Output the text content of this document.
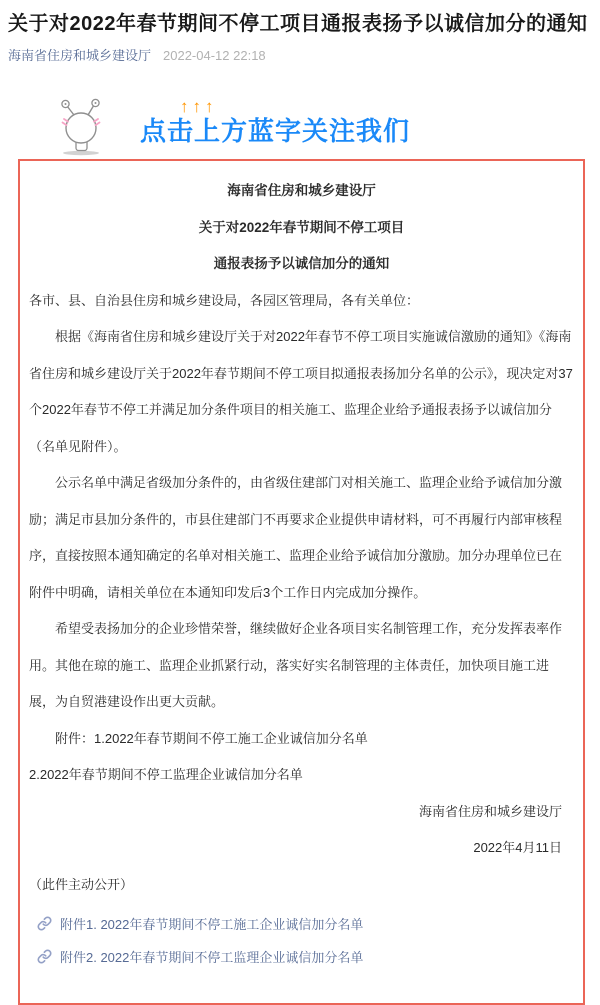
关于对2022年春节期间不停工项目通报表扬予以诚信加分的通知
海南省住房和城乡建设厅 2022-04-12 22:18
↑↑↑
点击上方蓝字关注我们

海南省住房和城乡建设厅

关于对2022年春节期间不停工项目

通报表扬予以诚信加分的通知

各市、县、自治县住房和城乡建设局，各园区管理局，各有关单位：

根据《海南省住房和城乡建设厅关于对2022年春节不停工项目实施诚信激励的通知》《海南省住房和城乡建设厅关于2022年春节期间不停工项目拟通报表扬加分名单的公示》，现决定对37个2022年春节不停工并满足加分条件项目的相关施工、监理企业给予通报表扬予以诚信加分（名单见附件）。

公示名单中满足省级加分条件的，由省级住建部门对相关施工、监理企业给予诚信加分激励；满足市县加分条件的，市县住建部门不再要求企业提供申请材料，可不再履行内部审核程序，直接按照本通知确定的名单对相关施工、监理企业给予诚信加分激励。加分办理单位已在附件中明确，请相关单位在本通知印发后3个工作日内完成加分操作。

希望受表扬加分的企业珍惜荣誉，继续做好企业各项目实名制管理工作，充分发挥表率作用。其他在琼的施工、监理企业抓紧行动，落实好实名制管理的主体责任，加快项目施工进展，为自贸港建设作出更大贡献。

附件：1.2022年春节期间不停工施工企业诚信加分名单

2.2022年春节期间不停工监理企业诚信加分名单

海南省住房和城乡建设厅

2022年4月11日

（此件主动公开）

附件1. 2022年春节期间不停工施工企业诚信加分名单
附件2. 2022年春节期间不停工监理企业诚信加分名单
